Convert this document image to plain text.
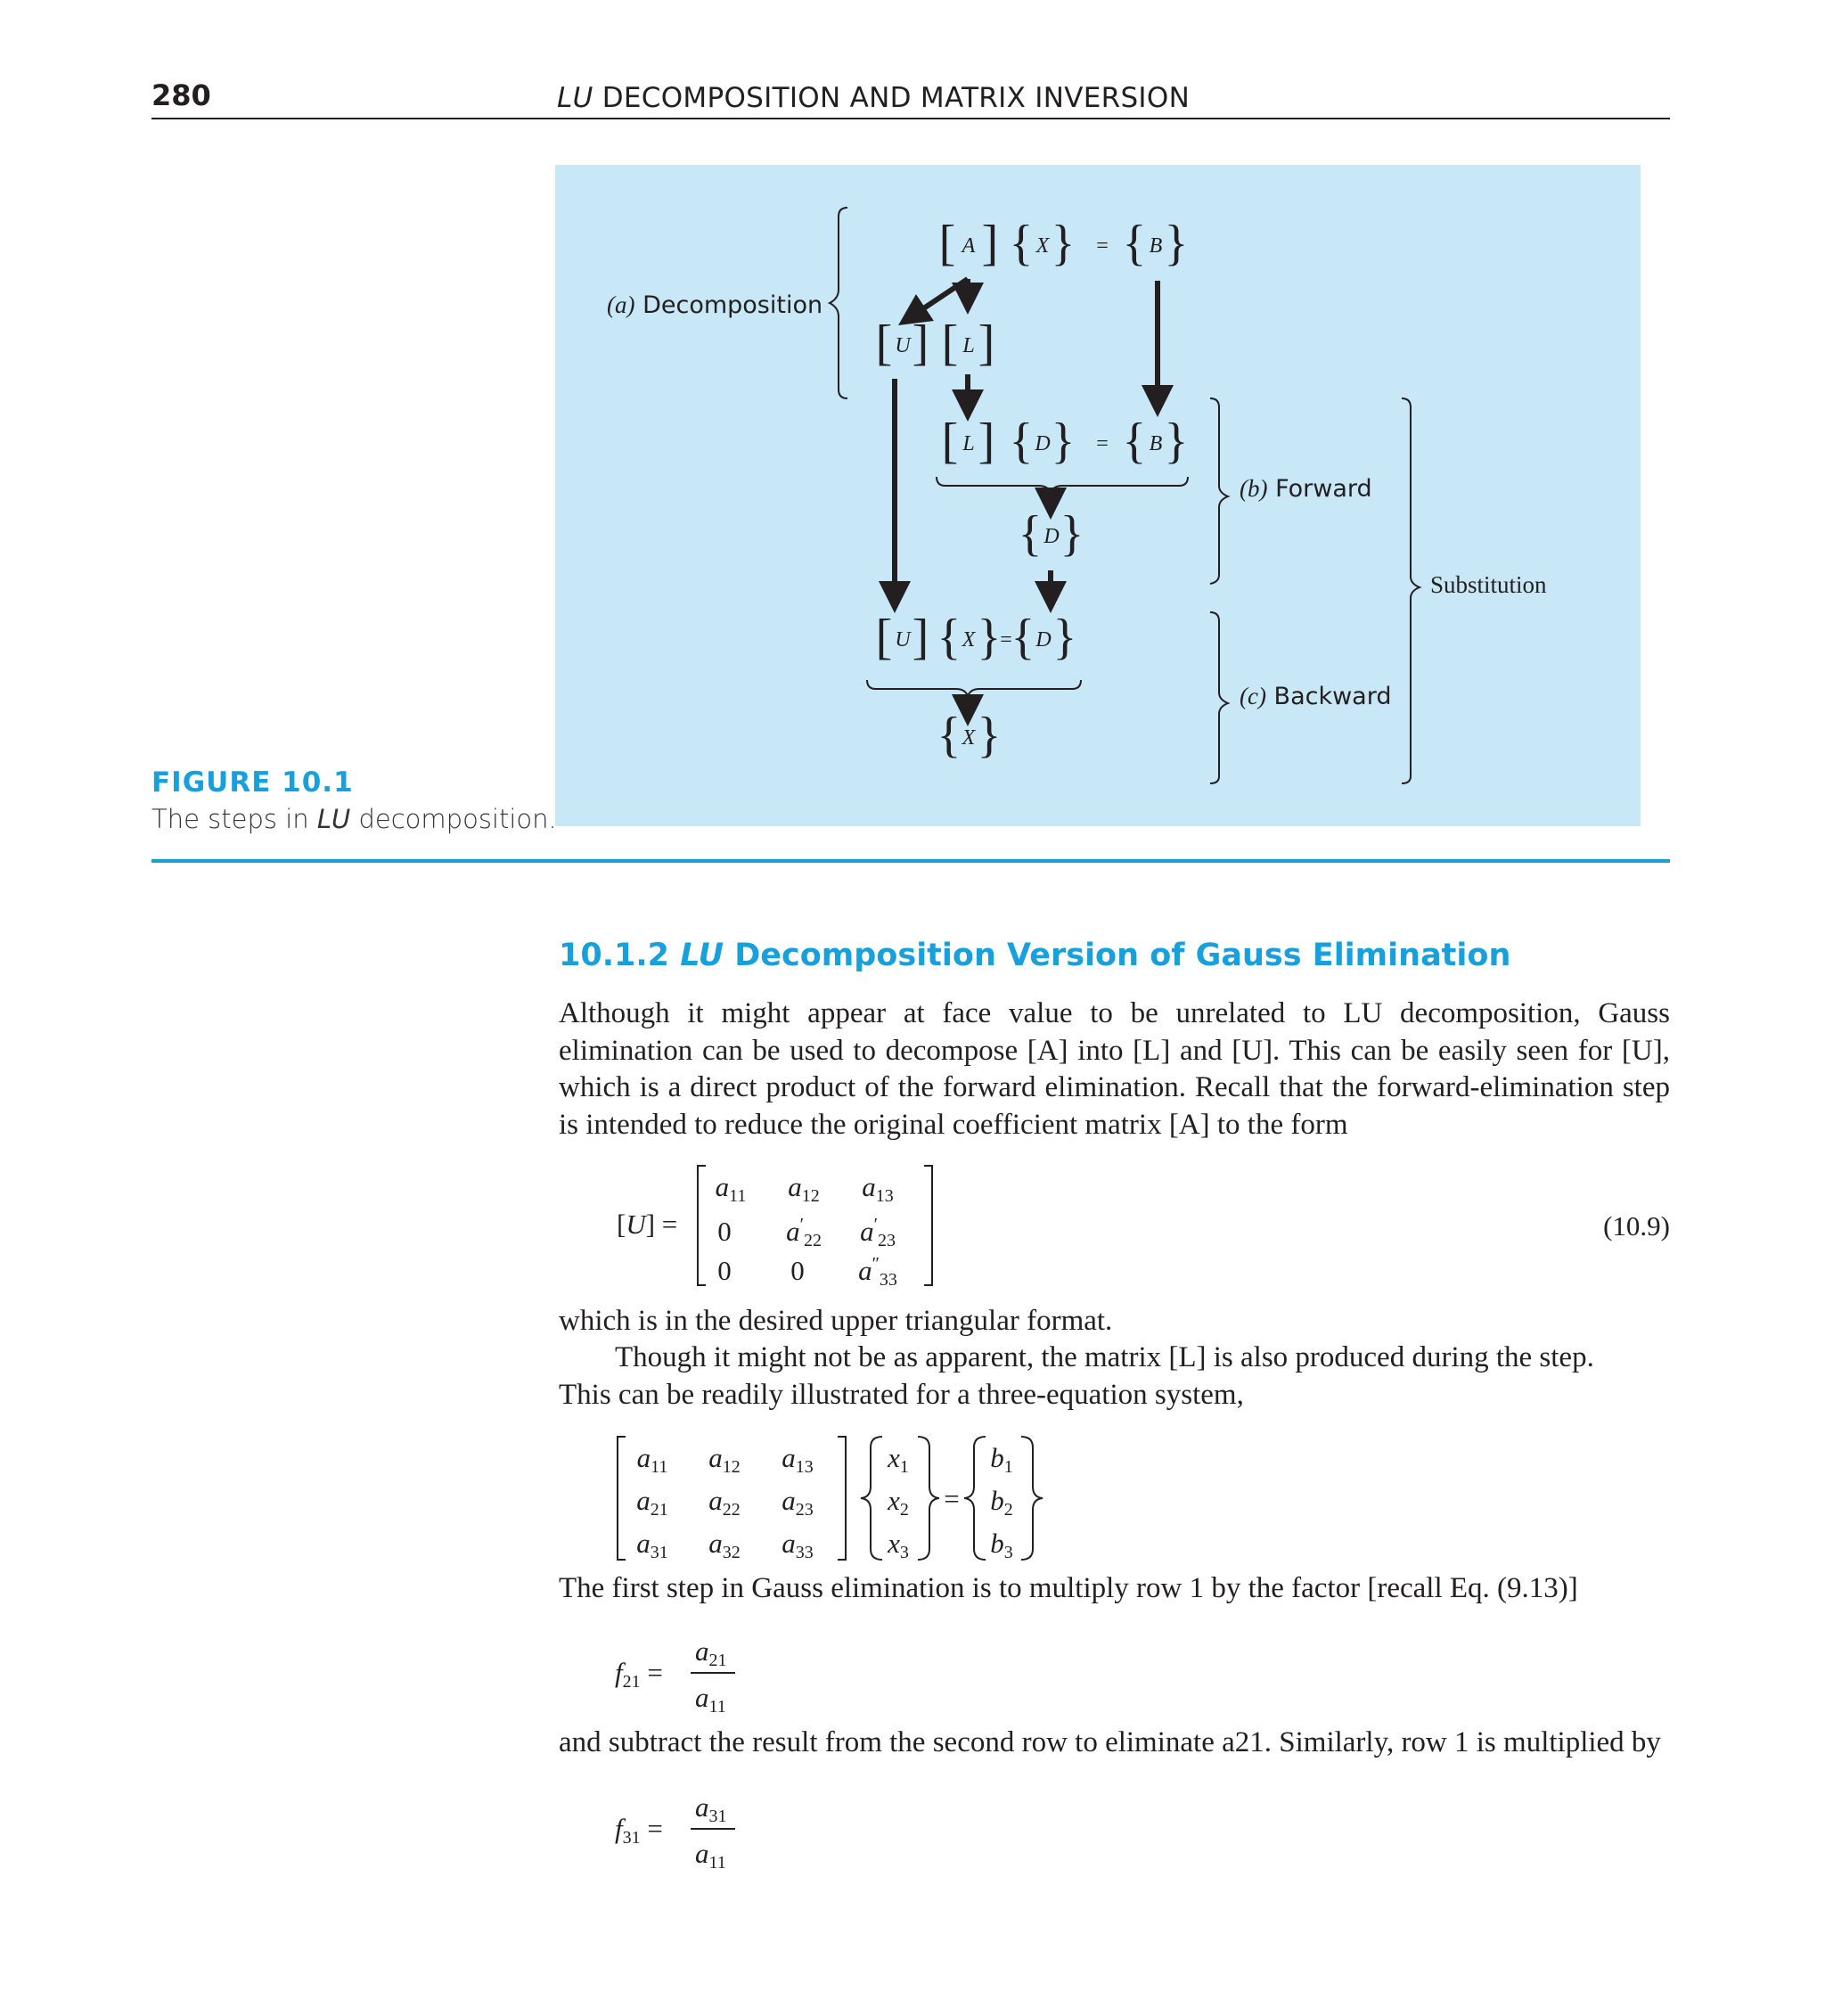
280	LU DECOMPOSITION AND MATRIX INVERSION
[ ] { } { }
[ ] [ ]
[ ] { } { }
{ }
[ ] { } { }
{ }
A	X = B
U L
L	D = B
D
U X = D
X
(a) Decomposition
(b) Forward
(c) Backward
Substitution
FIGURE 10.1
The steps in LU decomposition.
10.1.2 LU Decomposition Version of Gauss Elimination
Although it might appear at face value to be unrelated to LU decomposition, Gauss elimination can be used to decompose [A] into [L] and [U]. This can be easily seen for [U], which is a direct product of the forward elimination. Recall that the forward-elimination step is intended to reduce the original coefficient matrix [A] to the form
[U] =
a11 a12 a13
0 $a'_{22}$ $a'_{23}$
0 0 $a''_{33}$
(10.9)
which is in the desired upper triangular format.
Though it might not be as apparent, the matrix [L] is also produced during the step.
This can be readily illustrated for a three-equation system,
a11 a12 a13
a21 a22 a23
a31 a32 a33
x1
x2
x3
=
b1
b2
b3
The first step in Gauss elimination is to multiply row 1 by the factor [recall Eq. (9.13)]
f21 =
a21
a11
and subtract the result from the second row to eliminate a21. Similarly, row 1 is multiplied by
f31 =
a31
a11
